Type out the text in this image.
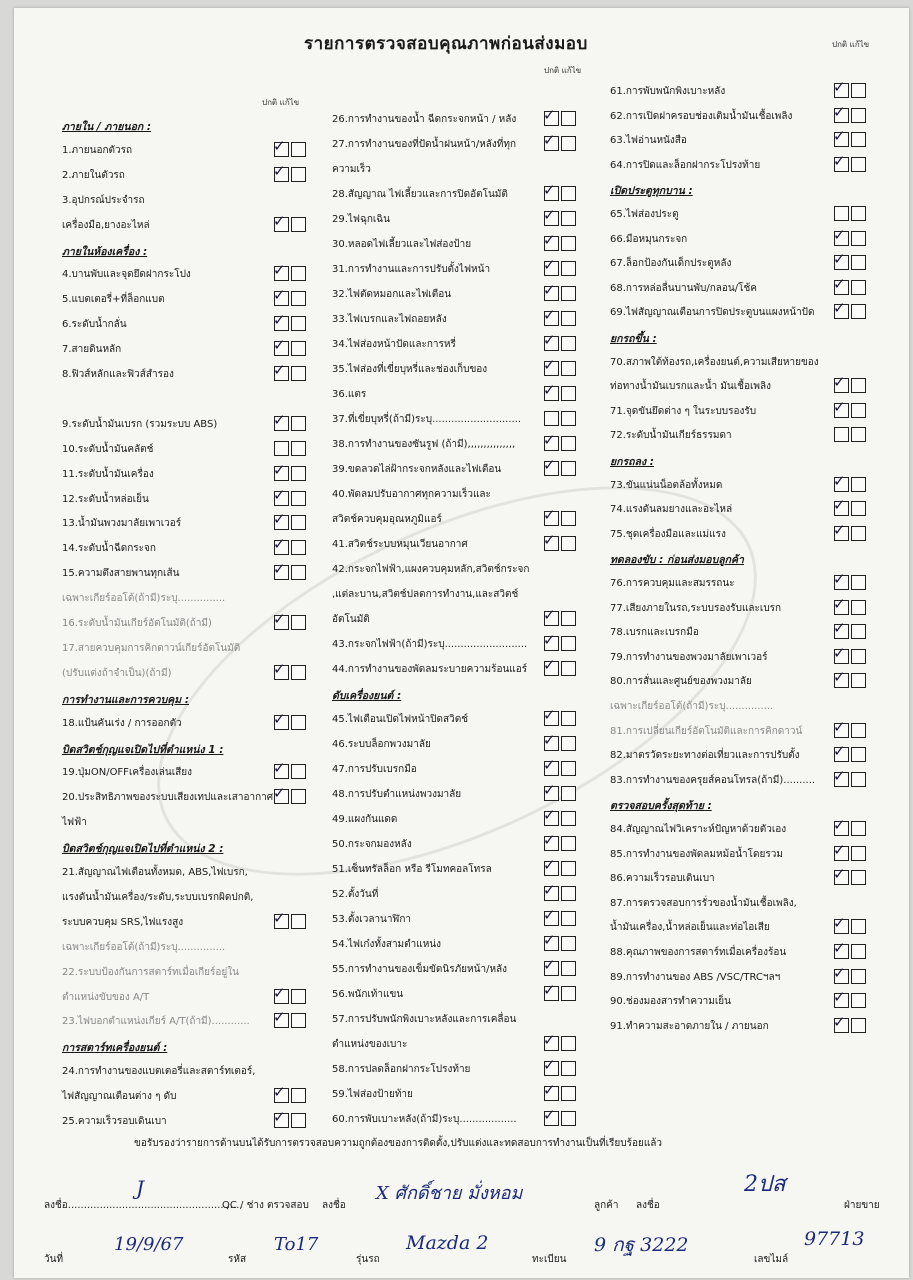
รายการตรวจสอบคุณภาพก่อนส่งมอบ
ภายใน / ภายนอก :
1.ภายนอกตัวรถ	✓
2.ภายในตัวรถ	✓
3.อุปกรณ์ประจำรถ
เครื่องมือ,ยางอะไหล่	✓
ภายในห้องเครื่อง :
4.บานพับและจุดยึดฝากระโปง	✓
5.แบตเตอรี่+ที่ล็อกแบต	✓
6.ระดับน้ำกลั่น	✓
7.สายดินหลัก	✓
8.ฟิวส์หลักและฟิวส์สำรอง	✓
9.ระดับน้ำมันเบรก (รวมระบบ ABS)	✓
10.ระดับน้ำมันคลัตช์
11.ระดับน้ำมันเครื่อง	✓
12.ระดับน้ำหล่อเย็น	✓
13.น้ำมันพวงมาลัยเพาเวอร์	✓
14.ระดับน้ำฉีดกระจก	✓
15.ความตึงสายพานทุกเส้น	✓
เฉพาะเกียร์ออโต้(ถ้ามี)ระบุ...............
16.ระดับน้ำมันเกียร์อัตโนมัติ(ถ้ามี)	✓
17.สายควบคุมการคิกดาวน์เกียร์อัตโนมัติ
(ปรับแต่งถ้าจำเป็น)(ถ้ามี)	✓
การทำงานและการควบคุม :
18.แป้นคันเร่ง / การออกตัว	✓
บิดสวิตช์กุญแจเปิดไปที่ตำแหน่ง 1 :
19.ปุ่มON/OFFเครื่องเล่นเสียง	✓
20.ประสิทธิภาพของระบบเสียงเทปและเสาอากาศ ✓
ไฟฟ้า
บิดสวิตช์กุญแจเปิดไปที่ตำแหน่ง 2 :
21.สัญญาณไฟเตือนทั้งหมด, ABS,ไฟเบรก,
แรงดันน้ำมันเครื่อง/ระดับ,ระบบเบรกผิดปกติ,
ระบบควบคุม SRS,ไฟแรงสูง	✓
เฉพาะเกียร์ออโต้(ถ้ามี)ระบุ...............
22.ระบบป้องกันการสตาร์ทเมื่อเกียร์อยู่ใน
ตำแหน่งขับของ A/T	✓
23.ไฟบอกตำแหน่งเกียร์ A/T(ถ้ามี)............ ✓
การสตาร์ทเครื่องยนต์ :
24.การทำงานของแบตเตอรี่และสตาร์ทเตอร์,
ไฟสัญญาณเตือนต่าง ๆ ดับ	✓
25.ความเร็วรอบเดินเบา	✓
26.การทำงานของน้ำ ฉีดกระจกหน้า / หลัง ✓
27.การทำงานของที่ปัดน้ำฝนหน้า/หลังที่ทุก ✓
ความเร็ว
28.สัญญาณ ไฟเลี้ยวและการปิดอัตโนมัติ ✓
29.ไฟฉุกเฉิน	✓
30.หลอดไฟเลี้ยวและไฟส่องป้าย	✓
31.การทำงานและการปรับตั้งไฟหน้า	✓
32.ไฟตัดหมอกและไฟเตือน	✓
33.ไฟเบรกและไฟถอยหลัง	✓
34.ไฟส่องหน้าปัดและการหรี่	✓
35.ไฟส่องที่เขี่ยบุหรี่และช่องเก็บของ	✓
36.แตร	✓
37.ที่เขี่ยบุหรี่(ถ้ามี)ระบุ............................
38.การทำงานของซันรูฟ (ถ้ามี),,,,,,,,,,,,,,, ✓
39.ขดลวดไล่ฝ้ากระจกหลังและไฟเตือน	✓
40.พัดลมปรับอากาศทุกความเร็วและ
สวิตช์ควบคุมอุณหภูมิแอร์	✓
41.สวิตช์ระบบหมุนเวียนอากาศ	✓
42.กระจกไฟฟ้า,แผงควบคุมหลัก,สวิตช์กระจก
,แต่ละบาน,สวิตช์ปลดการทำงาน,และสวิตช์
อัตโนมัติ	✓
43.กระจกไฟฟ้า(ถ้ามี)ระบุ.......................... ✓
44.การทำงานของพัดลมระบายความร้อนแอร์ ✓
ดับเครื่องยนต์ :
45.ไฟเตือนเปิดไฟหน้าปิดสวิตช์	✓
46.ระบบล็อกพวงมาลัย	✓
47.การปรับเบรกมือ	✓
48.การปรับตำแหน่งพวงมาลัย	✓
49.แผงกันแดด	✓
50.กระจกมองหลัง	✓
51.เซ็นทรัลล็อก หรือ รีโมทคอลโทรล	✓
52.ตั้งวันที่	✓
53.ตั้งเวลานาฬิกา	✓
54.ไฟเก๋งทั้งสามตำแหน่ง	✓
55.การทำงานของเข็มขัดนิรภัยหน้า/หลัง ✓
56.พนักเท้าแขน	✓
57.การปรับพนักพิงเบาะหลังและการเคลื่อน
ตำแหน่งของเบาะ	✓
58.การปลดล็อกฝากระโปรงท้าย	✓
59.ไฟส่องป้ายท้าย	✓
60.การพับเบาะหลัง(ถ้ามี)ระบุ.................. ✓
61.การพับพนักพิงเบาะหลัง	✓
62.การเปิดฝาครอบช่องเติมน้ำมันเชื้อเพลิง	✓
63.ไฟอ่านหนังสือ	✓
64.การปิดและล็อกฝากระโปรงท้าย	✓
เปิดประตูทุกบาน :
65.ไฟส่องประตู
66.มือหมุนกระจก	✓
67.ล็อกป้องกันเด็กประตูหลัง	✓
68.การหล่อลื่นบานพับ/กลอน/โช้ค	✓
69.ไฟสัญญาณเตือนการปิดประตูบนแผงหน้าปัด ✓
ยกรถขึ้น :
70.สภาพใต้ท้องรถ,เครื่องยนต์,ความเสียหายของ
ท่อทางน้ำมันเบรกและน้ำ มันเชื้อเพลิง	✓
71.จุดขันยึดต่าง ๆ ในระบบรองรับ	✓
72.ระดับน้ำมันเกียร์ธรรมดา
ยกรถลง :
73.ขันแน่นน็อตล้อทั้งหมด	✓
74.แรงดันลมยางและอะไหล่	✓
75.ชุดเครื่องมือและแม่แรง	✓
ทดลองขับ : ก่อนส่งมอบลูกค้า
76.การควบคุมและสมรรถนะ	✓
77.เสียงภายในรถ,ระบบรองรับและเบรก	✓
78.เบรกและเบรกมือ	✓
79.การทำงานของพวงมาลัยเพาเวอร์	✓
80.การสั่นและศูนย์ของพวงมาลัย	✓
เฉพาะเกียร์ออโต้(ถ้ามี)ระบุ...............
81.การเปลี่ยนเกียร์อัตโนมัติและการคิกดาวน์ ✓
82.มาตรวัดระยะทางต่อเที่ยวและการปรับตั้ง ✓
83.การทำงานของครุยส์คอนโทรล(ถ้ามี).......... ✓
ตรวจสอบครั้งสุดท้าย :
84.สัญญาณไฟวิเคราะห์ปัญหาด้วยตัวเอง	✓
85.การทำงานของพัดลมหม้อน้ำโดยรวม	✓
86.ความเร็วรอบเดินเบา	✓
87.การตรวจสอบการรั่วของน้ำมันเชื้อเพลิง,
น้ำมันเครื่อง,น้ำหล่อเย็นและท่อไอเสีย	✓
88.คุณภาพของการสตาร์ทเมื่อเครื่องร้อน	✓
89.การทำงานของ ABS /VSC/TRCฯลฯ	✓
90.ช่องมองสารทำความเย็น	✓
91.ทำความสะอาดภายใน / ภายนอก	✓
ปกติ แก้ไข
ปกติ แก้ไข
ปกติ แก้ไข
ขอรับรองว่ารายการด้านบนได้รับการตรวจสอบความถูกต้องของการติดตั้ง,ปรับแต่งและทดสอบการทำงานเป็นที่เรียบร้อยแล้ว
ลงชื่อ.......................................................
J
QC / ช่าง ตรวจสอบ ลงชื่อ
X ศักดิ์ชาย มั่งหอม
ลูกค้า ลงชื่อ
2ปส
ฝ่ายขาย
วันที่
19/9/67
รหัส
To17
รุ่นรถ
Mazda 2
ทะเบียน
9 กฐ 3222
เลขไมล์
97713
